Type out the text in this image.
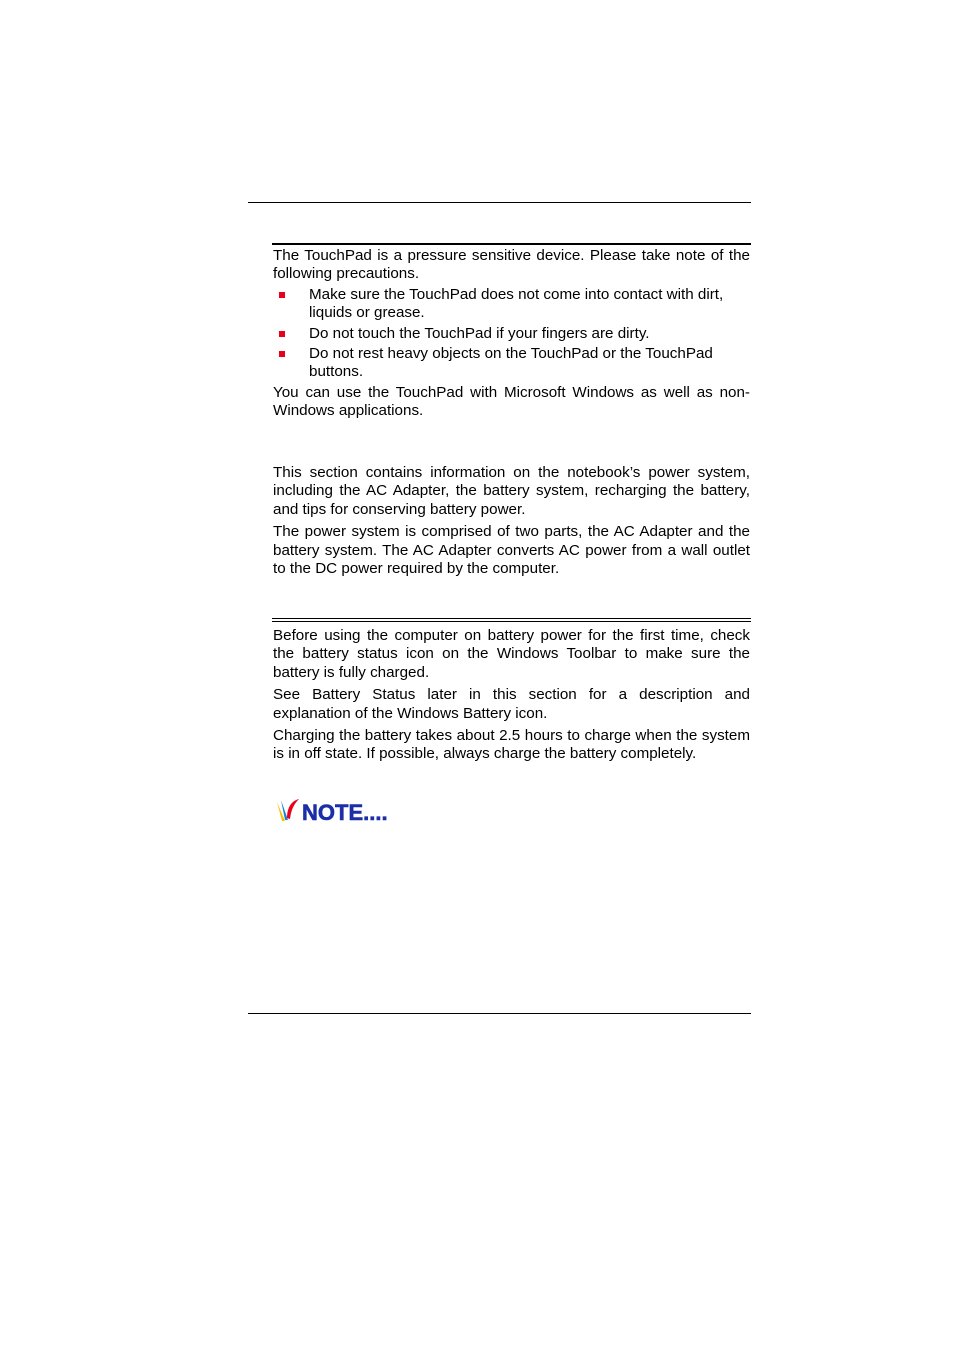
The TouchPad is a pressure sensitive device. Please take note of the following precautions.

Make sure the TouchPad does not come into contact with dirt, liquids or grease.
Do not touch the TouchPad if your fingers are dirty.
Do not rest heavy objects on the TouchPad or the TouchPad buttons.

You can use the TouchPad with Microsoft Windows as well as non-Windows applications.

This section contains information on the notebook’s power system, including the AC Adapter, the battery system, recharging the battery, and tips for conserving battery power.

The power system is comprised of two parts, the AC Adapter and the battery system. The AC Adapter converts AC power from a wall outlet to the DC power required by the computer.

Before using the computer on battery power for the first time, check the battery status icon on the Windows Toolbar to make sure the battery is fully charged.

See Battery Status later in this section for a description and explanation of the Windows Battery icon.

Charging the battery takes about 2.5 hours to charge when the system is in off state. If possible, always charge the battery completely.

NOTE....
